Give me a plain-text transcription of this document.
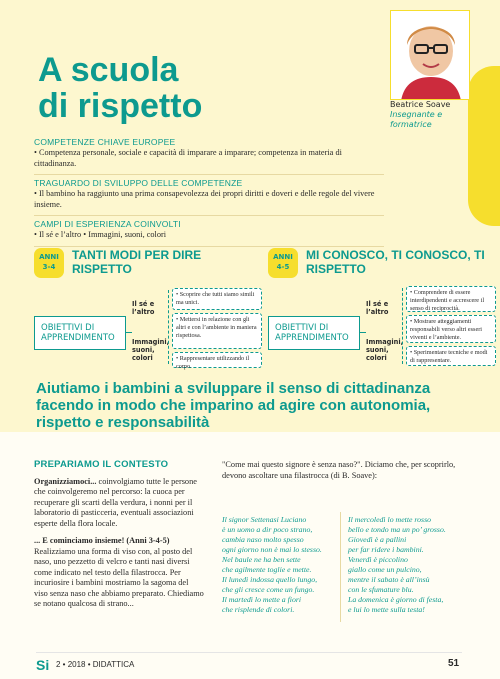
A scuola
di rispetto	Beatrice Soave
Insegnante e formatrice
COMPETENZE CHIAVE EUROPEE
• Competenza personale, sociale e capacità di imparare a imparare; competenza in materia di cittadinanza.
TRAGUARDO DI SVILUPPO DELLE COMPETENZE
• Il bambino ha raggiunto una prima consapevolezza dei propri diritti e doveri e delle regole del vivere insieme.
CAMPI DI ESPERIENZA COINVOLTI
• Il sé e l’altro • Immagini, suoni, colori
ANNI
3-4
TANTI MODI PER DIRE RISPETTO
OBIETTIVI DI APPRENDIMENTO
Il sé e l’altro
Immagini, suoni, colori
• Scoprire che tutti siamo simili ma unici.
• Mettersi in relazione con gli altri e con l’ambiente in maniera rispettosa.
• Rappresentare utilizzando il corpo.
ANNI
4-5
MI CONOSCO, TI CONOSCO, TI RISPETTO
OBIETTIVI DI APPRENDIMENTO
Il sé e l’altro
Immagini, suoni, colori
• Comprendere di essere interdipendenti e accrescere il senso di reciprocità.
• Mostrare atteggiamenti responsabili verso altri esseri viventi e l’ambiente.
• Sperimentare tecniche e modi di rappresentare.
Aiutiamo i bambini a sviluppare il senso di cittadinanza facendo in modo che imparino ad agire con autonomia, rispetto e responsabilità
PREPARIAMO IL CONTESTO

Organizziamoci... coinvolgiamo tutte le persone che coinvolgeremo nel percorso: la cuoca per recuperare gli scarti della verdura, i nonni per il laboratorio di pasticceria, eventuali associazioni esperte della flora locale.

... E cominciamo insieme! (Anni 3-4-5) Realizziamo una forma di viso con, al posto del naso, uno pezzetto di velcro e tanti nasi diversi come indicato nel testo della filastrocca. Per incuriosire i bambini mostriamo la sagoma del viso senza naso che abbiamo preparato. Chiediamo se notano qualcosa di strano...

"Come mai questo signore è senza naso?". Diciamo che, per scoprirlo, devono ascoltare una filastrocca (di B. Soave):
Il signor Settenasi Luciano
è un uomo a dir poco strano,
cambia naso molto spesso
ogni giorno non è mai lo stesso.
Nel baule ne ha ben sette
che agilmente toglie e mette.
Il lunedì indossa quello lungo,
che gli cresce come un fungo.
Il martedì lo mette a fiori
che risplende di colori.
Il mercoledì lo mette rosso
bello e tondo ma un po’ grosso.
Giovedì è a pallini
per far ridere i bambini.
Venerdì è piccolino
giallo come un pulcino,
mentre il sabato è all’insù
con le sfumature blu.
La domenica è giorno di festa,
e lui lo mette sulla testa!
Si 2 • 2018 • DIDATTICA	51
